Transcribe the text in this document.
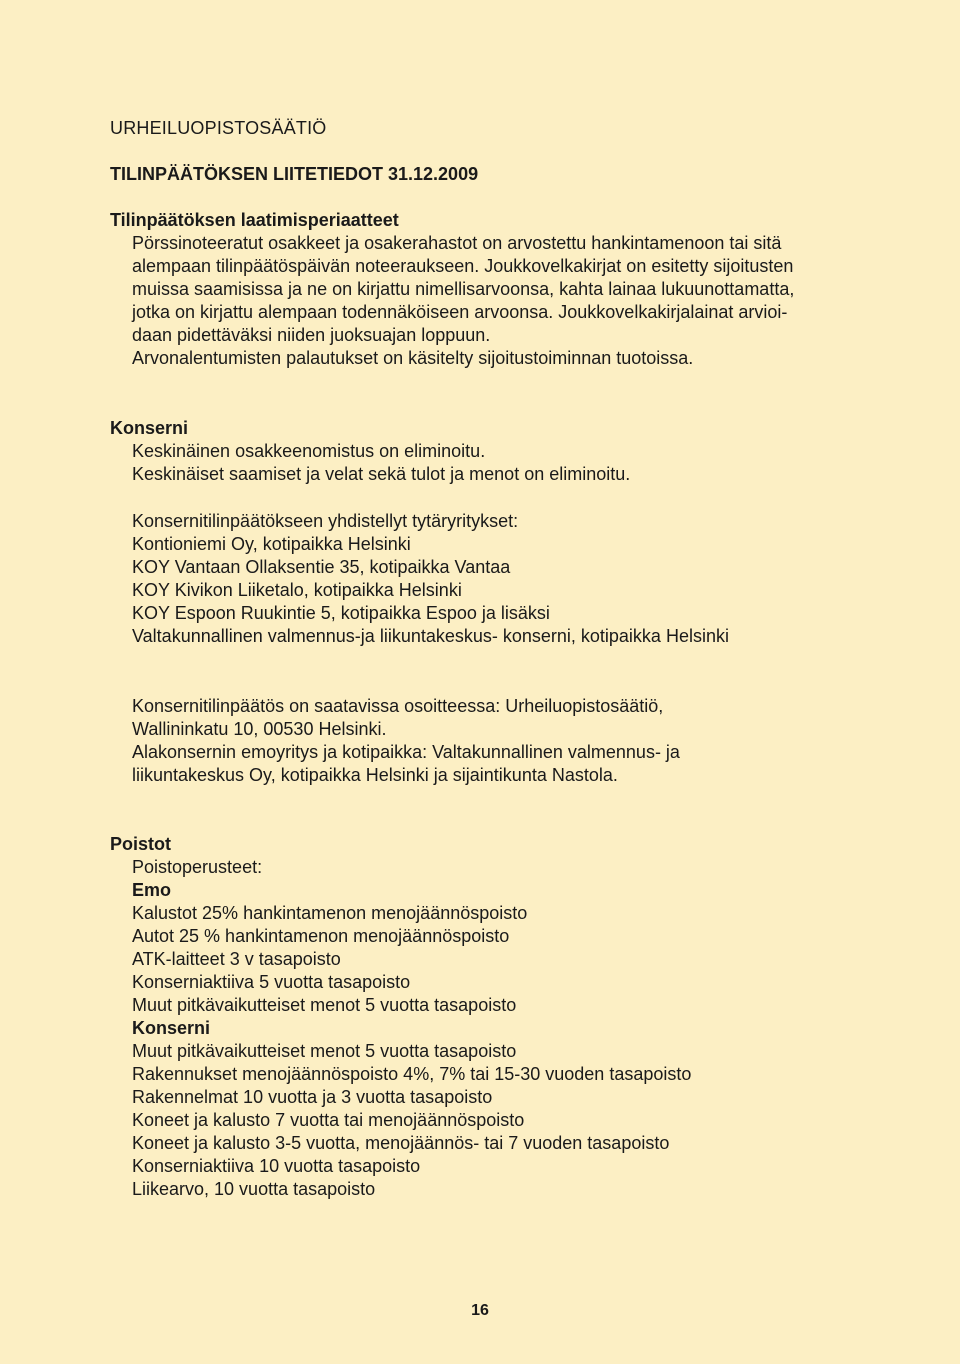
URHEILUOPISTOSÄÄTIÖ
TILINPÄÄTÖKSEN LIITETIEDOT 31.12.2009
Tilinpäätöksen laatimisperiaatteet

Pörssinoteeratut osakkeet ja osakerahastot on arvostettu hankintamenoon tai sitä

alempaan tilinpäätöspäivän noteeraukseen. Joukkovelkakirjat on esitetty sijoitusten

muissa saamisissa ja ne on kirjattu nimellisarvoonsa, kahta lainaa lukuunottamatta,

jotka on kirjattu alempaan todennäköiseen arvoonsa. Joukkovelkakirjalainat arvioi-

daan pidettäväksi niiden juoksuajan loppuun.

Arvonalentumisten palautukset on käsitelty sijoitustoiminnan tuotoissa.

Konserni

Keskinäinen osakkeenomistus on eliminoitu.

Keskinäiset saamiset ja velat sekä tulot ja menot on eliminoitu.

Konsernitilinpäätökseen yhdistellyt tytäryritykset:

Kontioniemi Oy, kotipaikka Helsinki

KOY Vantaan Ollaksentie 35, kotipaikka Vantaa

KOY Kivikon Liiketalo, kotipaikka Helsinki

KOY Espoon Ruukintie 5, kotipaikka Espoo ja lisäksi

Valtakunnallinen valmennus-ja liikuntakeskus- konserni, kotipaikka Helsinki

Konsernitilinpäätös on saatavissa osoitteessa: Urheiluopistosäätiö,

Wallininkatu 10, 00530 Helsinki.

Alakonsernin emoyritys ja kotipaikka: Valtakunnallinen valmennus- ja

liikuntakeskus Oy, kotipaikka Helsinki ja sijaintikunta Nastola.

Poistot

Poistoperusteet:

Emo

Kalustot 25% hankintamenon menojäännöspoisto

Autot 25 % hankintamenon menojäännöspoisto

ATK-laitteet 3 v tasapoisto

Konserniaktiiva 5 vuotta tasapoisto

Muut pitkävaikutteiset menot 5 vuotta tasapoisto

Konserni

Muut pitkävaikutteiset menot 5 vuotta tasapoisto

Rakennukset menojäännöspoisto 4%, 7% tai 15-30 vuoden tasapoisto

Rakennelmat 10 vuotta ja 3 vuotta tasapoisto

Koneet ja kalusto 7 vuotta tai menojäännöspoisto

Koneet ja kalusto 3-5 vuotta, menojäännös- tai 7 vuoden tasapoisto

Konserniaktiiva 10 vuotta tasapoisto

Liikearvo, 10 vuotta tasapoisto

16
